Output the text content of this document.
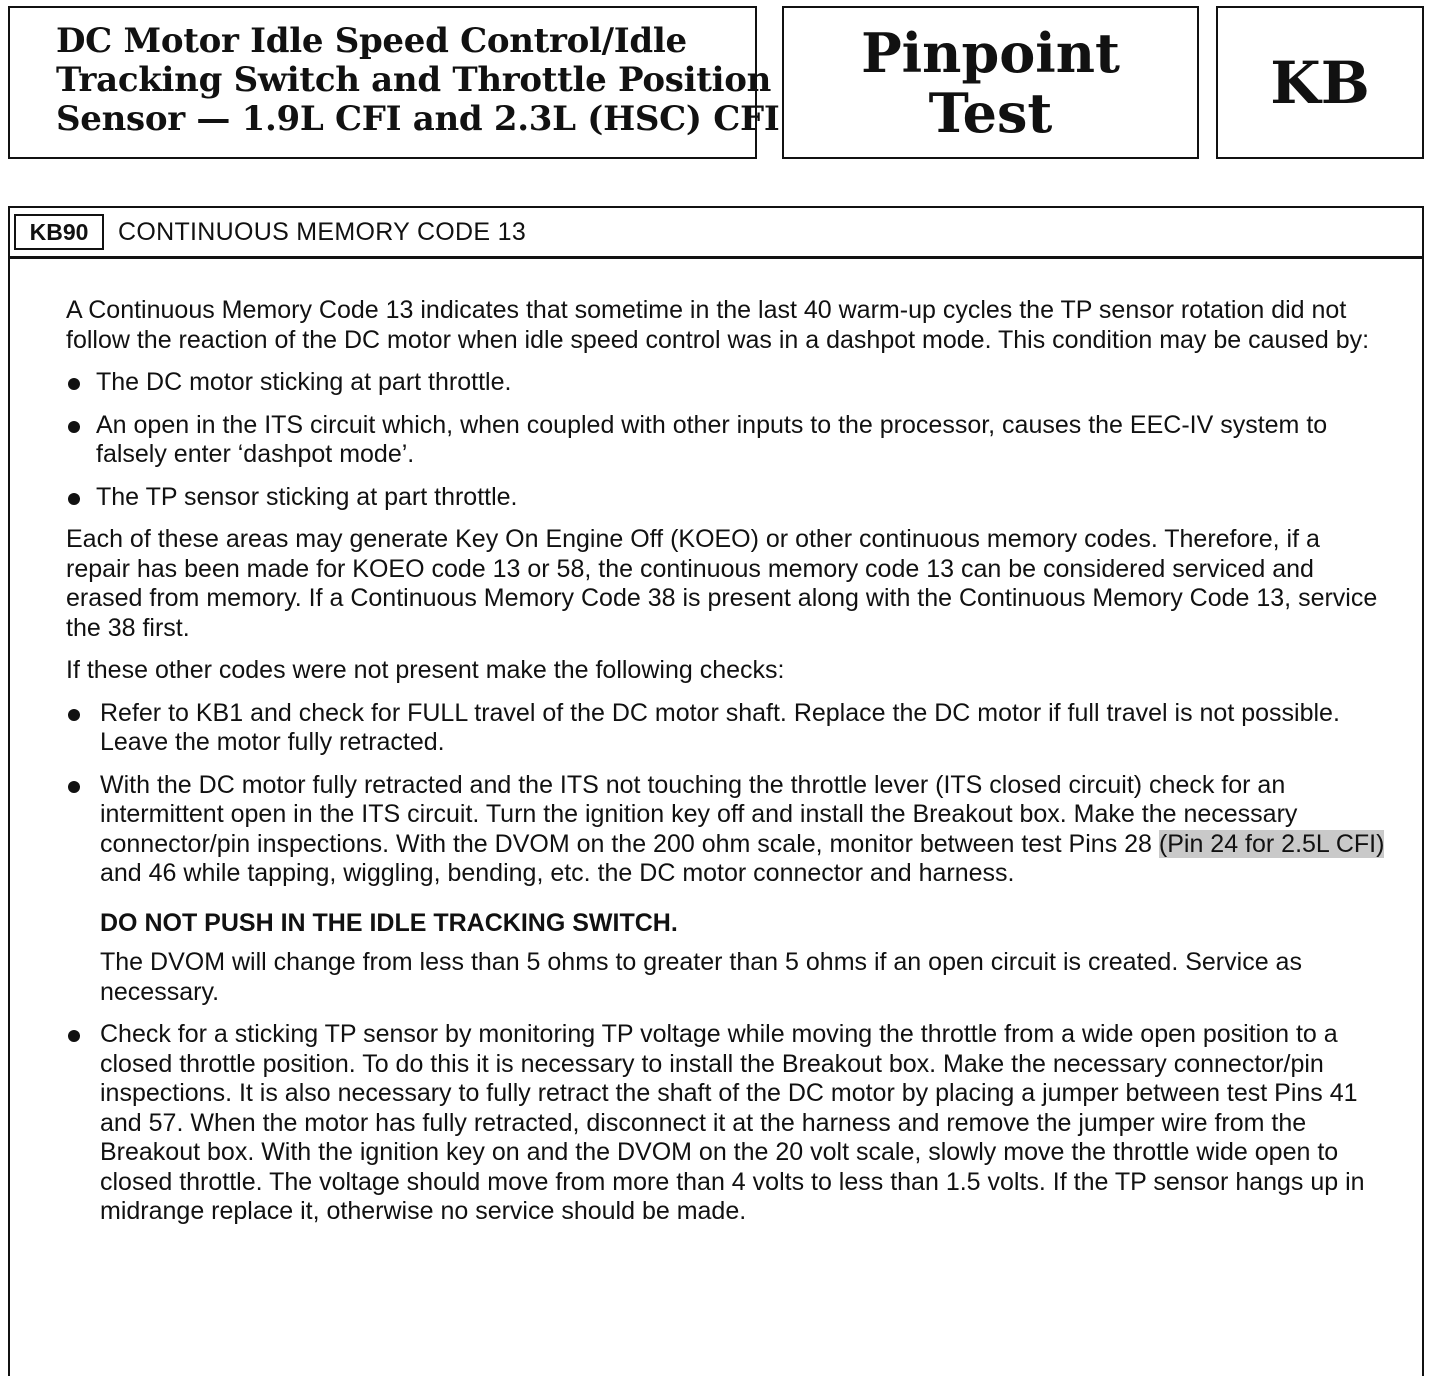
DC Motor Idle Speed Control/Idle
Tracking Switch and Throttle Position
Sensor — 1.9L CFI and 2.3L (HSC) CFI
Pinpoint
Test	KB
KB90	CONTINUOUS MEMORY CODE 13

A Continuous Memory Code 13 indicates that sometime in the last 40 warm-up cycles the TP sensor rotation did not follow the reaction of the DC motor when idle speed control was in a dashpot mode. This condition may be caused by:

The DC motor sticking at part throttle.
An open in the ITS circuit which, when coupled with other inputs to the processor, causes the EEC-IV system to falsely enter ‘dashpot mode’.
The TP sensor sticking at part throttle.

Each of these areas may generate Key On Engine Off (KOEO) or other continuous memory codes. Therefore, if a repair has been made for KOEO code 13 or 58, the continuous memory code 13 can be considered serviced and erased from memory. If a Continuous Memory Code 38 is present along with the Continuous Memory Code 13, service the 38 first.

If these other codes were not present make the following checks:

Refer to KB1 and check for FULL travel of the DC motor shaft. Replace the DC motor if full travel is not possible. Leave the motor fully retracted.
With the DC motor fully retracted and the ITS not touching the throttle lever (ITS closed circuit) check for an intermittent open in the ITS circuit. Turn the ignition key off and install the Breakout box. Make the necessary connector/pin inspections. With the DVOM on the 200 ohm scale, monitor between test Pins 28 (Pin 24 for 2.5L CFI) and 46 while tapping, wiggling, bending, etc. the DC motor connector and harness.
DO NOT PUSH IN THE IDLE TRACKING SWITCH.
The DVOM will change from less than 5 ohms to greater than 5 ohms if an open circuit is created. Service as necessary.
Check for a sticking TP sensor by monitoring TP voltage while moving the throttle from a wide open position to a closed throttle position. To do this it is necessary to install the Breakout box. Make the necessary connector/pin inspections. It is also necessary to fully retract the shaft of the DC motor by placing a jumper between test Pins 41 and 57. When the motor has fully retracted, disconnect it at the harness and remove the jumper wire from the Breakout box. With the ignition key on and the DVOM on the 20 volt scale, slowly move the throttle wide open to closed throttle. The voltage should move from more than 4 volts to less than 1.5 volts. If the TP sensor hangs up in midrange replace it, otherwise no service should be made.
